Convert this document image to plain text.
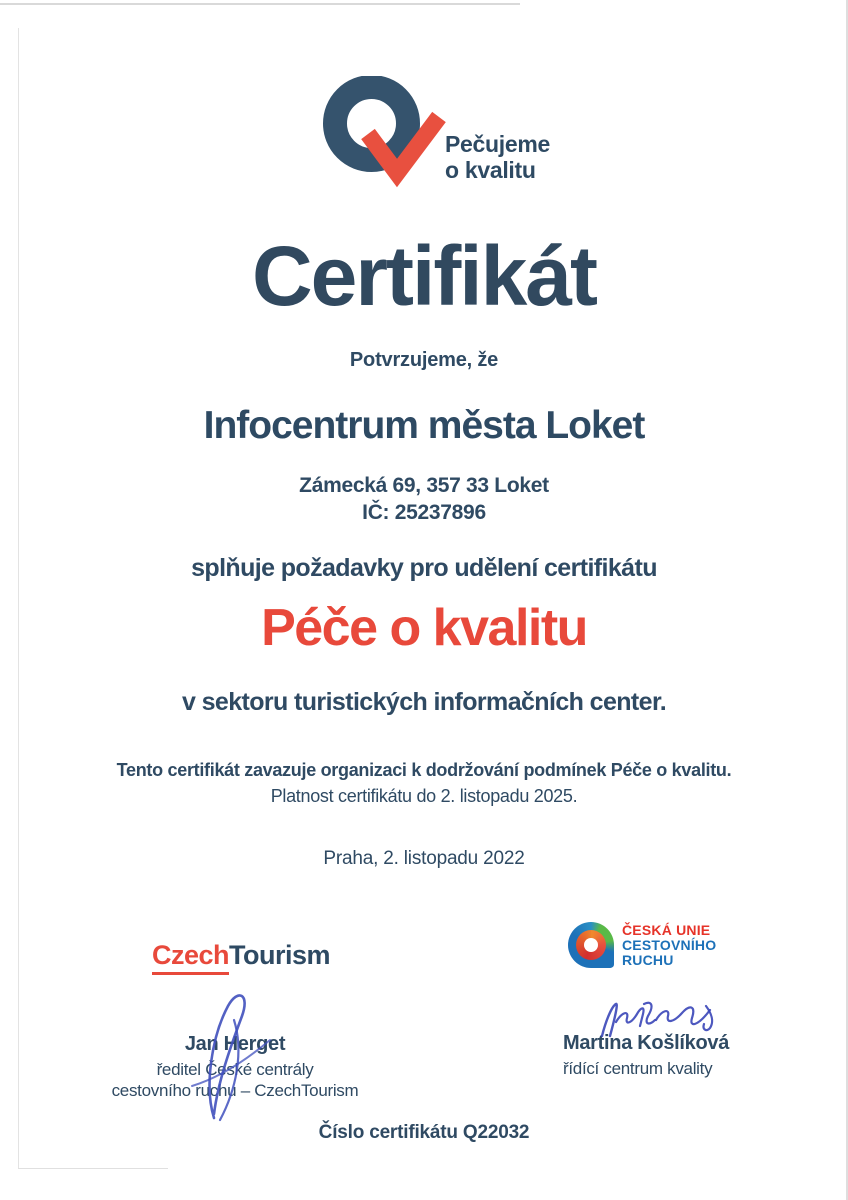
Pečujeme
o kvalitu
Certifikát
Potvrzujeme, že
Infocentrum města Loket
Zámecká 69, 357 33 Loket
IČ: 25237896
splňuje požadavky pro udělení certifikátu
Péče o kvalitu
v sektoru turistických informačních center.
Tento certifikát zavazuje organizaci k dodržování podmínek Péče o kvalitu.
Platnost certifikátu do 2. listopadu 2025.
Praha, 2. listopadu 2022
CzechTourism
ČESKÁ UNIE
CESTOVNÍHO
RUCHU
Jan Herget
ředitel České centrály
cestovního ruchu – CzechTourism
Martina Košlíková
řídící centrum kvality
Číslo certifikátu Q22032
